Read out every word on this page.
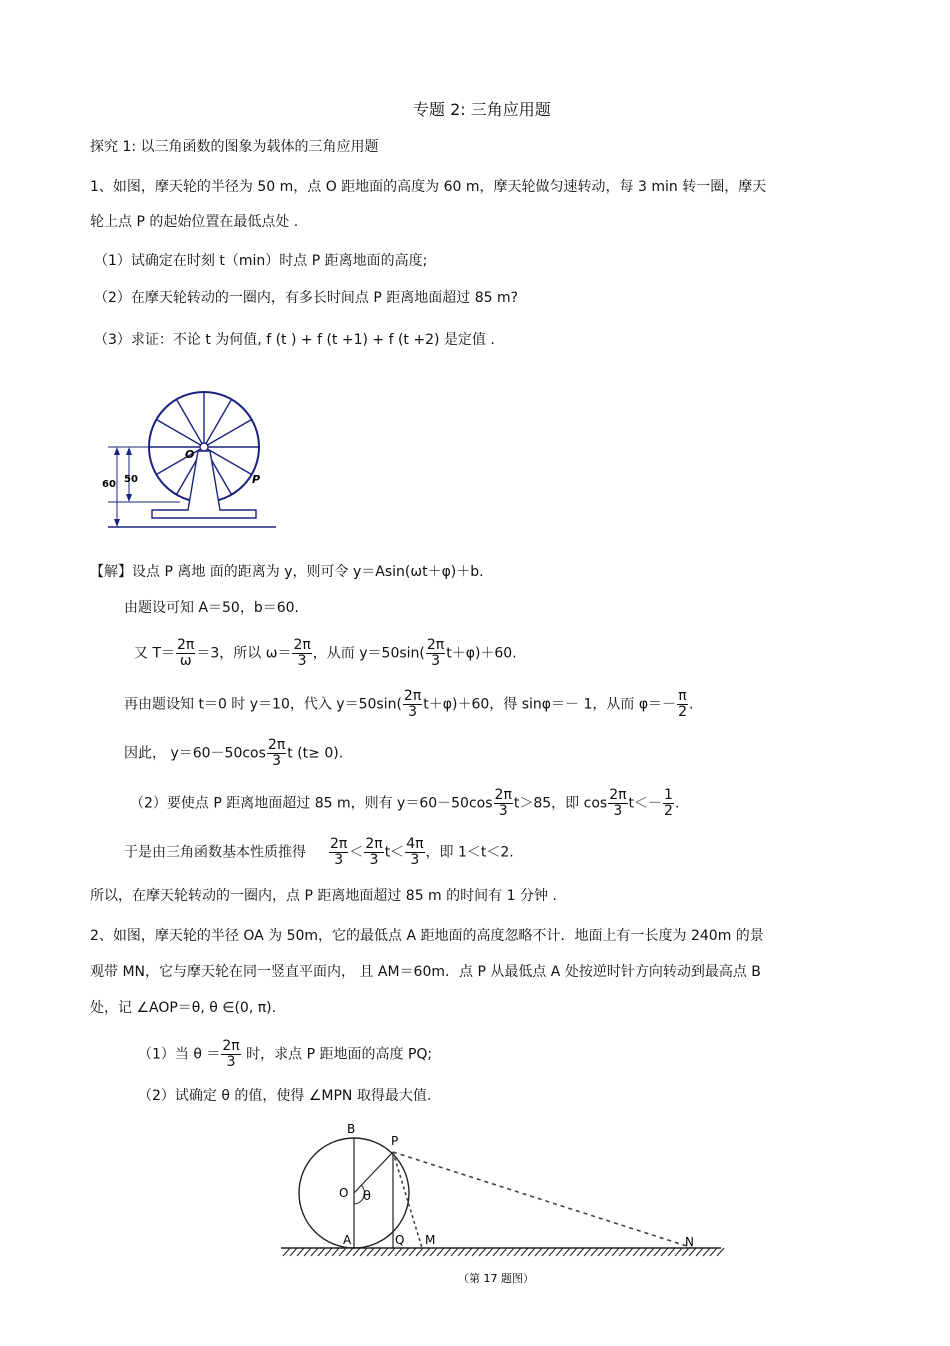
专题 2: 三角应用题
探究 1: 以三角函数的图象为载体的三角应用题
1、如图，摩天轮的半径为 50 m，点 O 距地面的高度为 60 m，摩天轮做匀速转动，每 3 min 转一圈，摩天
轮上点 P 的起始位置在最低点处 .
（1）试确定在时刻 t（min）时点 P 距离地面的高度;
（2）在摩天轮转动的一圈内，有多长时间点 P 距离地面超过 85 m?
（3）求证：不论 t 为何值, f (t ) + f (t +1) + f (t +2) 是定值 .
O
P
60 50
【解】设点 P 离地 面的距离为 y，则可令 y＝Asin(ωt＋φ)＋b.
由题设可知 A＝50，b＝60.
又 $T= \frac{2\pi}{\omega} =3$，所以 $\omega= \frac{2\pi}{3}$ ，从而 $y=50\sin( \frac{2\pi}{3} t+\varphi)+60$.
再由题设知 t＝0 时 y＝10，代入 $y=50\sin( \frac{2\pi}{3} t+\varphi)+60$，得 sinφ＝－ 1，从而 $\varphi=- \frac{\pi}{2}$ .
因此， $y=60-50\cos \frac{2\pi}{3}$ t (t≥ 0).
（2）要使点 P 距离地面超过 85 m，则有 $y=60-50\cos \frac{2\pi}{3} t>85$，即 $\cos \frac{2\pi}{3} t<- \frac{1}{2}$ .
于是由三角函数基本性质推得 $\frac{2\pi}{3} < \frac{2\pi}{3} t< \frac{4\pi}{3}$ ，即 1＜t＜2.
所以，在摩天轮转动的一圈内，点 P 距离地面超过 85 m 的时间有 1 分钟 .
2、如图，摩天轮的半径 OA 为 50m，它的最低点 A 距地面的高度忽略不计．地面上有一长度为 240m 的景
观带 MN，它与摩天轮在同一竖直平面内， 且 AM＝60m．点 P 从最低点 A 处按逆时针方向转动到最高点 B
处，记 ∠AOP＝θ, θ ∈(0, π).
（1）当 $\theta = \frac{2\pi}{3}$ 时，求点 P 距地面的高度 PQ;
（2）试确定 θ 的值，使得 ∠MPN 取得最大值.
B
P
O θ
A	Q M	N
（第 17 题图）
